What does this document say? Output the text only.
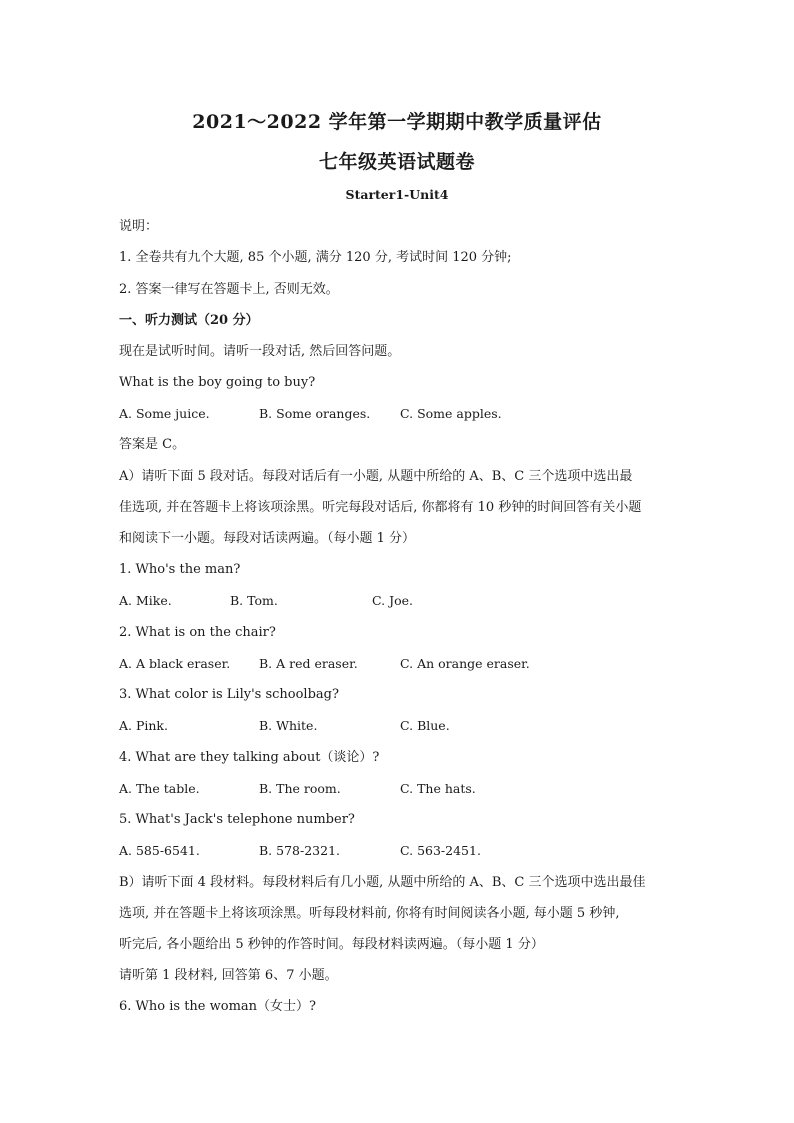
2021～2022 学年第一学期期中教学质量评估
七年级英语试题卷
Starter1-Unit4
说明：
1. 全卷共有九个大题, 85 个小题, 满分 120 分, 考试时间 120 分钟;
2. 答案一律写在答题卡上, 否则无效。
一、听力测试（20 分）
现在是试听时间。请听一段对话, 然后回答问题。
What is the boy going to buy?
A. Some juice.	B. Some oranges. C. Some apples.
答案是 C。
A）请听下面 5 段对话。每段对话后有一小题, 从题中所给的 A、B、C 三个选项中选出最
佳选项, 并在答题卡上将该项涂黑。听完每段对话后, 你都将有 10 秒钟的时间回答有关小题
和阅读下一小题。每段对话读两遍。（每小题 1 分）
1. Who's the man?
A. Mike.	B. Tom.	C. Joe.
2. What is on the chair?
A. A black eraser. B. A red eraser.	C. An orange eraser.
3. What color is Lily's schoolbag?
A. Pink.	B. White.	C. Blue.
4. What are they talking about（谈论）?
A. The table.	B. The room.	C. The hats.
5. What's Jack's telephone number?
A. 585-6541.	B. 578-2321.	C. 563-2451.
B）请听下面 4 段材料。每段材料后有几小题, 从题中所给的 A、B、C 三个选项中选出最佳
选项, 并在答题卡上将该项涂黑。听每段材料前, 你将有时间阅读各小题, 每小题 5 秒钟,
听完后, 各小题给出 5 秒钟的作答时间。每段材料读两遍。（每小题 1 分）
请听第 1 段材料, 回答第 6、7 小题。
6. Who is the woman（女士）?
